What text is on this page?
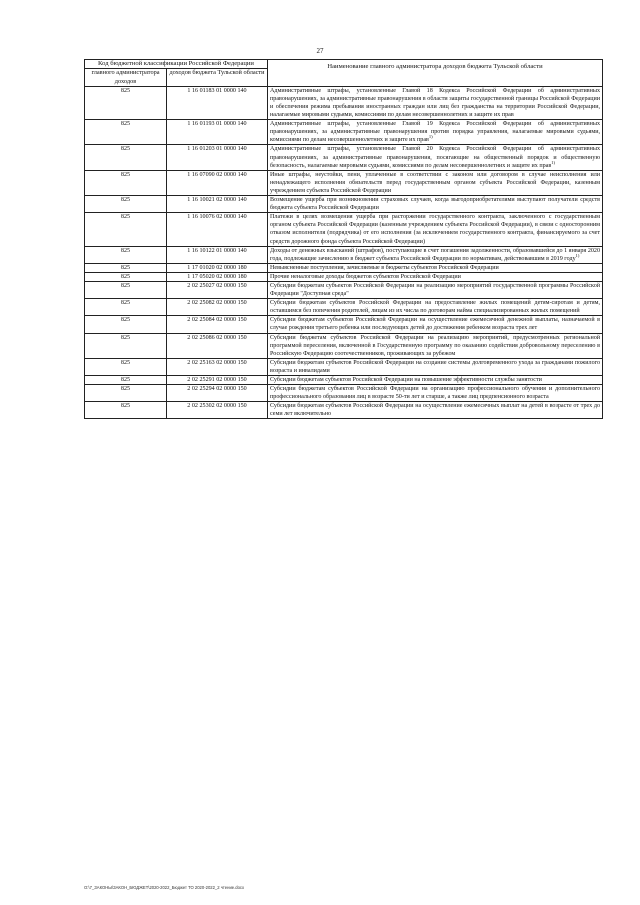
27
Код бюджетной классификации Российской Федерации		Наименование главного администратора доходов бюджета Тульской области
главного администратора доходов	доходов бюджета Тульской области	
825	1 16 01183 01 0000 140	Административные штрафы, установленные Главой 18 Кодекса Российской Федерации об административных правонарушениях, за административные правонарушения в области защиты государственной границы Российской Федерации и обеспечения режима пребывания иностранных граждан или лиц без гражданства на территории Российской Федерации, налагаемые мировыми судьями, комиссиями по делам несовершеннолетних и защите их прав
825	1 16 01193 01 0000 140	Административные штрафы, установленные Главой 19 Кодекса Российской Федерации об административных правонарушениях, за административные правонарушения против порядка управления, налагаемые мировыми судьями, комиссиями по делам несовершеннолетних и защите их прав$^{1)}$
825	1 16 01203 01 0000 140	Административные штрафы, установленные Главой 20 Кодекса Российской Федерации об административных правонарушениях, за административные правонарушения, посягающие на общественный порядок и общественную безопасность, налагаемые мировыми судьями, комиссиями по делам несовершеннолетних и защите их прав$^{1)}$
825	1 16 07090 02 0000 140	Иные штрафы, неустойки, пени, уплаченные в соответствии с законом или договором в случае неисполнения или ненадлежащего исполнения обязательств перед государственным органом субъекта Российской Федерации, казенным учреждением субъекта Российской Федерации
825	1 16 10021 02 0000 140	Возмещение ущерба при возникновении страховых случаев, когда выгодоприобретателями выступают получатели средств бюджета субъекта Российской Федерации
825	1 16 10076 02 0000 140	Платежи в целях возмещения ущерба при расторжении государственного контракта, заключенного с государственным органом субъекта Российской Федерации (казенным учреждением субъекта Российской Федерации), в связи с односторонним отказом исполнителя (подрядчика) от его исполнения (за исключением государственного контракта, финансируемого за счет средств дорожного фонда субъекта Российской Федерации)
825	1 16 10122 01 0000 140	Доходы от денежных взысканий (штрафов), поступающие в счет погашения задолженности, образовавшейся до 1 января 2020 года, подлежащие зачислению в бюджет субъекта Российской Федерации по нормативам, действовавшим в 2019 году$^{1)}$
825	1 17 01020 02 0000 180	Невыясненные поступления, зачисляемые в бюджеты субъектов Российской Федерации
825	1 17 05020 02 0000 180	Прочие неналоговые доходы бюджетов субъектов Российской Федерации
825	2 02 25027 02 0000 150	Субсидии бюджетам субъектов Российской Федерации на реализацию мероприятий государственной программы Российской Федерации "Доступная среда"
825	2 02 25082 02 0000 150	Субсидии бюджетам субъектов Российской Федерации на предоставление жилых помещений детям-сиротам и детям, оставшимся без попечения родителей, лицам из их числа по договорам найма специализированных жилых помещений
825	2 02 25084 02 0000 150	Субсидии бюджетам субъектов Российской Федерации на осуществление ежемесячной денежной выплаты, назначаемой в случае рождения третьего ребенка или последующих детей до достижения ребенком возраста трех лет
825	2 02 25086 02 0000 150	Субсидии бюджетам субъектов Российской Федерации на реализацию мероприятий, предусмотренных региональной программой переселения, включенной в Государственную программу по оказанию содействия добровольному переселению в Российскую Федерацию соотечественников, проживающих за рубежом
825	2 02 25163 02 0000 150	Субсидии бюджетам субъектов Российской Федерации на создание системы долговременного ухода за гражданами пожилого возраста и инвалидами
825	2 02 25291 02 0000 150	Субсидии бюджетам субъектов Российской Федерации на повышение эффективности службы занятости
825	2 02 25294 02 0000 150	Субсидии бюджетам субъектов Российской Федерации на организацию профессионального обучения и дополнительного профессионального образования лиц в возрасте 50-ти лет и старше, а также лиц предпенсионного возраста
825	2 02 25302 02 0000 150	Субсидии бюджетам субъектов Российской Федерации на осуществление ежемесячных выплат на детей в возрасте от трех до семи лет включительно
O:\7_ЗАКОНЫ\ЗАКОН_БЮДЖЕТ\2020-2022_Бюджет ТО 2020-2022_2 чтение.docx
